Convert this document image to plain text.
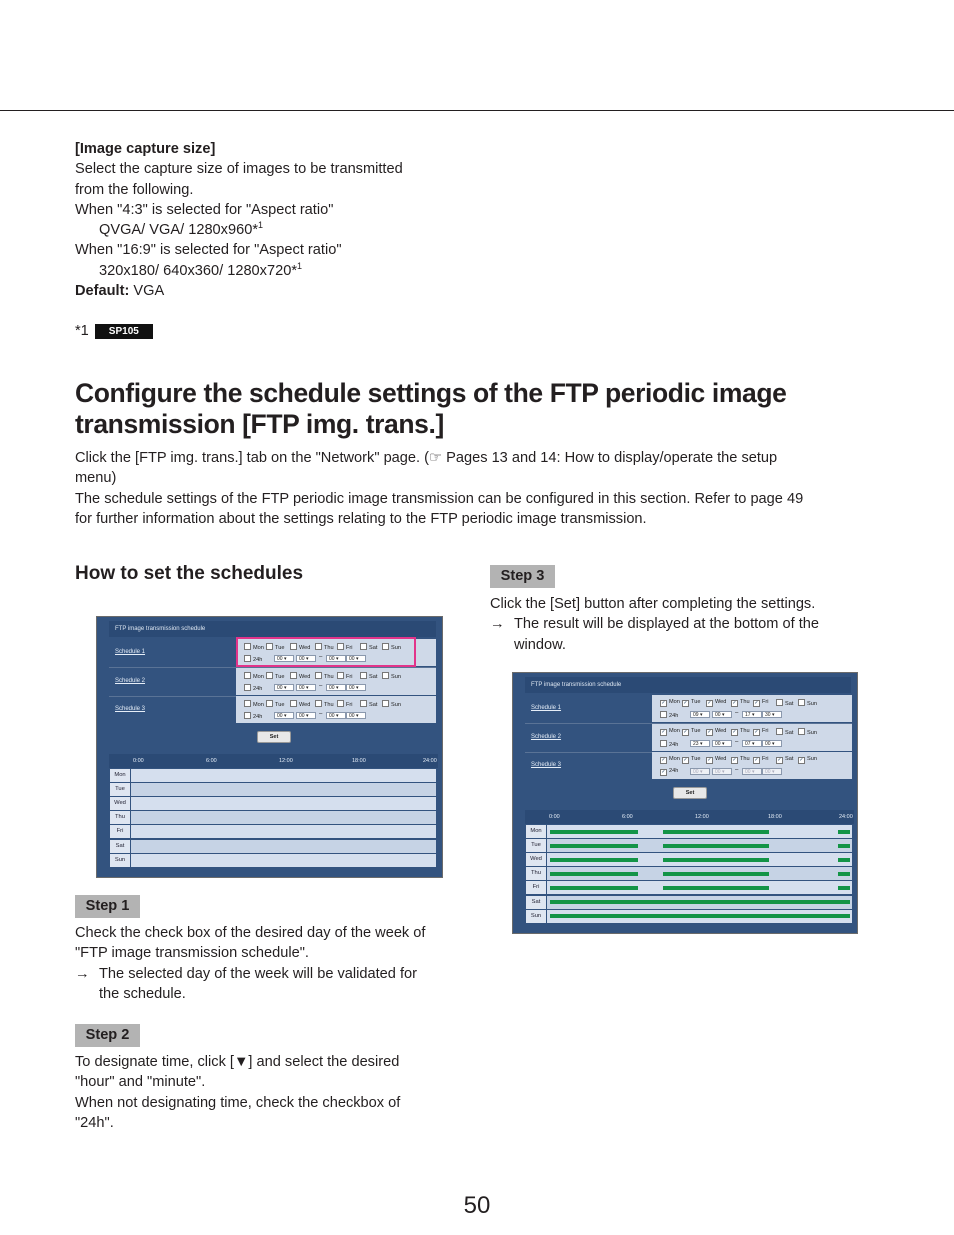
[Image capture size]
Select the capture size of images to be transmitted
from the following.
When "4:3" is selected for "Aspect ratio"
QVGA/ VGA/ 1280x960*$^1$
When "16:9" is selected for "Aspect ratio"
320x180/ 640x360/ 1280x720*$^1$
Default: VGA
*1 SP105
Configure the schedule settings of the FTP periodic image
transmission [FTP img. trans.]
Click the [FTP img. trans.] tab on the "Network" page. (☞ Pages 13 and 14: How to display/operate the setup
menu)
The schedule settings of the FTP periodic image transmission can be configured in this section. Refer to page 49
for further information about the settings relating to the FTP periodic image transmission.
How to set the schedules
FTP image transmission schedule
Schedule 1
Mon	Tue	Wed	Thu	Fri	Sat	Sun
24h	00 ▾	00 ▾	00 ▾	00 ▾
–
Schedule 2
Mon	Tue	Wed	Thu	Fri	Sat	Sun
24h	00 ▾	00 ▾	00 ▾	00 ▾
–
Schedule 3
Mon	Tue	Wed	Thu	Fri	Sat	Sun
24h	00 ▾	00 ▾	00 ▾	00 ▾
–
Set
0:00	6:00	12:00	18:00	24:00
Mon
Tue
Wed
Thu
Fri
Sat
Sun
Step 1
Check the check box of the desired day of the week of
"FTP image transmission schedule".
→ The selected day of the week will be validated for
the schedule.
Step 2
To designate time, click [▼] and select the desired
"hour" and "minute".
When not designating time, check the checkbox of
"24h".
Step 3
Click the [Set] button after completing the settings.
→ The result will be displayed at the bottom of the
window.
FTP image transmission schedule
Schedule 1
✓ Mon ✓ Tue ✓ Wed ✓ Thu ✓ Fri	Sat	Sun
24h	09 ▾	00 ▾	17 ▾	30 ▾
–
Schedule 2
✓ Mon ✓ Tue ✓ Wed ✓ Thu ✓ Fri	Sat	Sun
24h	23 ▾	00 ▾	07 ▾	00 ▾
–
Schedule 3
✓ Mon ✓ Tue ✓ Wed ✓ Thu ✓ Fri ✓ Sat ✓ Sun
✓ 24h	00 ▾	00 ▾	00 ▾	00 ▾
–
Set
0:00	6:00	12:00	18:00	24:00
Mon
Tue
Wed
Thu
Fri
Sat
Sun
50
